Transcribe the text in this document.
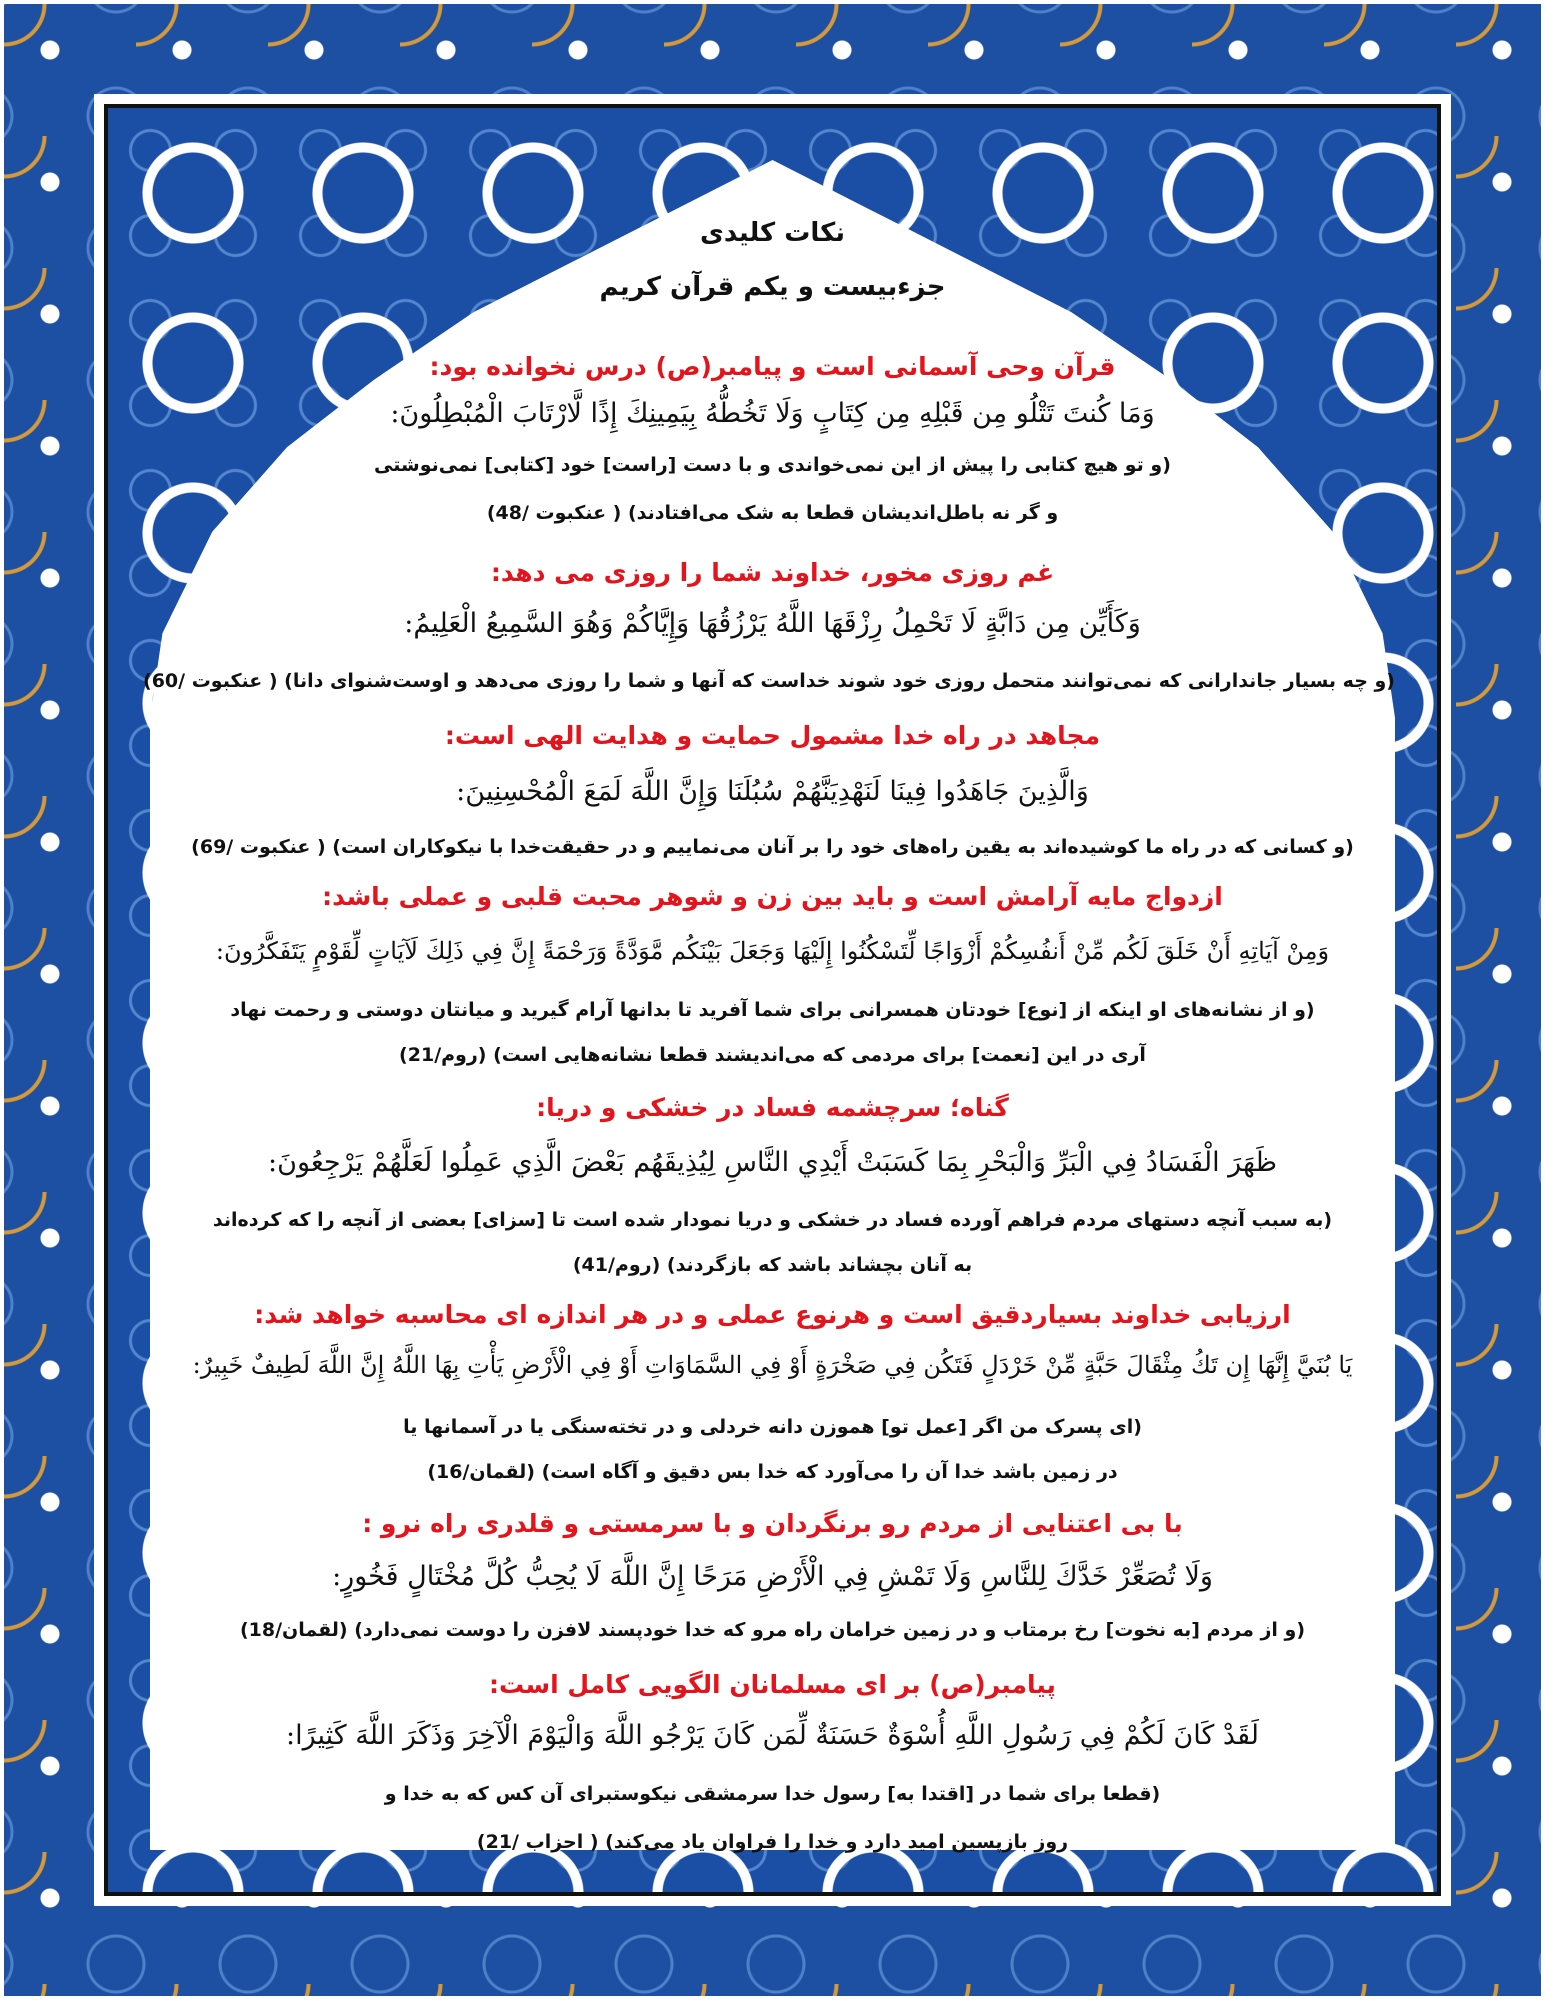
نکات کلیدی
جزءبیست و یکم قرآن کریم
قرآن وحی آسمانی است و پیامبر(ص) درس نخوانده بود:
وَمَا كُنتَ تَتْلُو مِن قَبْلِهِ مِن كِتَابٍ وَلَا تَخُطُّهُ بِيَمِينِكَ إِذًا لَّارْتَابَ الْمُبْطِلُونَ:
(و تو هیچ کتابی را پیش از این نمی‌خواندی و با دست [راست] خود [کتابی] نمی‌نوشتی
و گر نه باطل‌اندیشان قطعا به شک می‌افتادند) ( عنکبوت /48)
غم روزی مخور، خداوند شما را روزی می دهد:
وَكَأَيِّن مِن دَابَّةٍ لَا تَحْمِلُ رِزْقَهَا اللَّهُ يَرْزُقُهَا وَإِيَّاكُمْ وَهُوَ السَّمِيعُ الْعَلِيمُ:
(و چه بسیار جاندارانی که نمی‌توانند متحمل روزی خود شوند خداست که آنها و شما را روزی می‌دهد و اوست‌شنوای دانا) ( عنکبوت /60)
مجاهد در راه خدا مشمول حمایت و هدایت الهی است:
وَالَّذِينَ جَاهَدُوا فِينَا لَنَهْدِيَنَّهُمْ سُبُلَنَا وَإِنَّ اللَّهَ لَمَعَ الْمُحْسِنِينَ:
(و کسانی که در راه ما کوشیده‌اند به یقین راه‌های خود را بر آنان می‌نماییم و در حقیقت‌خدا با نیکوکاران است) ( عنکبوت /69)
ازدواج مایه آرامش است و باید بین زن و شوهر محبت قلبی و عملی باشد:
وَمِنْ آيَاتِهِ أَنْ خَلَقَ لَكُم مِّنْ أَنفُسِكُمْ أَزْوَاجًا لِّتَسْكُنُوا إِلَيْهَا وَجَعَلَ بَيْنَكُم مَّوَدَّةً وَرَحْمَةً إِنَّ فِي ذَلِكَ لَآيَاتٍ لِّقَوْمٍ يَتَفَكَّرُونَ:
(و از نشانه‌های او اینکه از [نوع] خودتان همسرانی برای شما آفرید تا بدانها آرام گیرید و میانتان دوستی و رحمت نهاد
آری در این [نعمت] برای مردمی که می‌اندیشند قطعا نشانه‌هایی است) (روم/21)
گناه؛ سرچشمه فساد در خشکی و دریا:
ظَهَرَ الْفَسَادُ فِي الْبَرِّ وَالْبَحْرِ بِمَا كَسَبَتْ أَيْدِي النَّاسِ لِيُذِيقَهُم بَعْضَ الَّذِي عَمِلُوا لَعَلَّهُمْ يَرْجِعُونَ:
(به سبب آنچه دستهای مردم فراهم آورده فساد در خشکی و دریا نمودار شده است تا [سزای] بعضی از آنچه را که کرده‌اند
به آنان بچشاند باشد که بازگردند) (روم/41)
ارزیابی خداوند بسیاردقیق است و هرنوع عملی و در هر اندازه ای محاسبه خواهد شد:
يَا بُنَيَّ إِنَّهَا إِن تَكُ مِثْقَالَ حَبَّةٍ مِّنْ خَرْدَلٍ فَتَكُن فِي صَخْرَةٍ أَوْ فِي السَّمَاوَاتِ أَوْ فِي الْأَرْضِ يَأْتِ بِهَا اللَّهُ إِنَّ اللَّهَ لَطِيفٌ خَبِيرٌ:
(ای پسرک من اگر [عمل تو] هموزن دانه خردلی و در تخته‌سنگی یا در آسمانها یا
در زمین باشد خدا آن را می‌آورد که خدا بس دقیق و آگاه است) (لقمان/16)
با بی اعتنایی از مردم رو برنگردان و با سرمستی و قلدری راه نرو :
وَلَا تُصَعِّرْ خَدَّكَ لِلنَّاسِ وَلَا تَمْشِ فِي الْأَرْضِ مَرَحًا إِنَّ اللَّهَ لَا يُحِبُّ كُلَّ مُخْتَالٍ فَخُورٍ:
(و از مردم [به نخوت] رخ برمتاب و در زمین خرامان راه مرو که خدا خودپسند لافزن را دوست نمی‌دارد) (لقمان/18)
پیامبر(ص) بر ای مسلمانان الگویی کامل است:
لَقَدْ كَانَ لَكُمْ فِي رَسُولِ اللَّهِ أُسْوَةٌ حَسَنَةٌ لِّمَن كَانَ يَرْجُو اللَّهَ وَالْيَوْمَ الْآخِرَ وَذَكَرَ اللَّهَ كَثِيرًا:
(قطعا برای شما در [اقتدا به] رسول خدا سرمشقی نیکوستبرای آن کس که به خدا و
روز بازپسین امید دارد و خدا را فراوان یاد می‌کند) ( احزاب /21)
